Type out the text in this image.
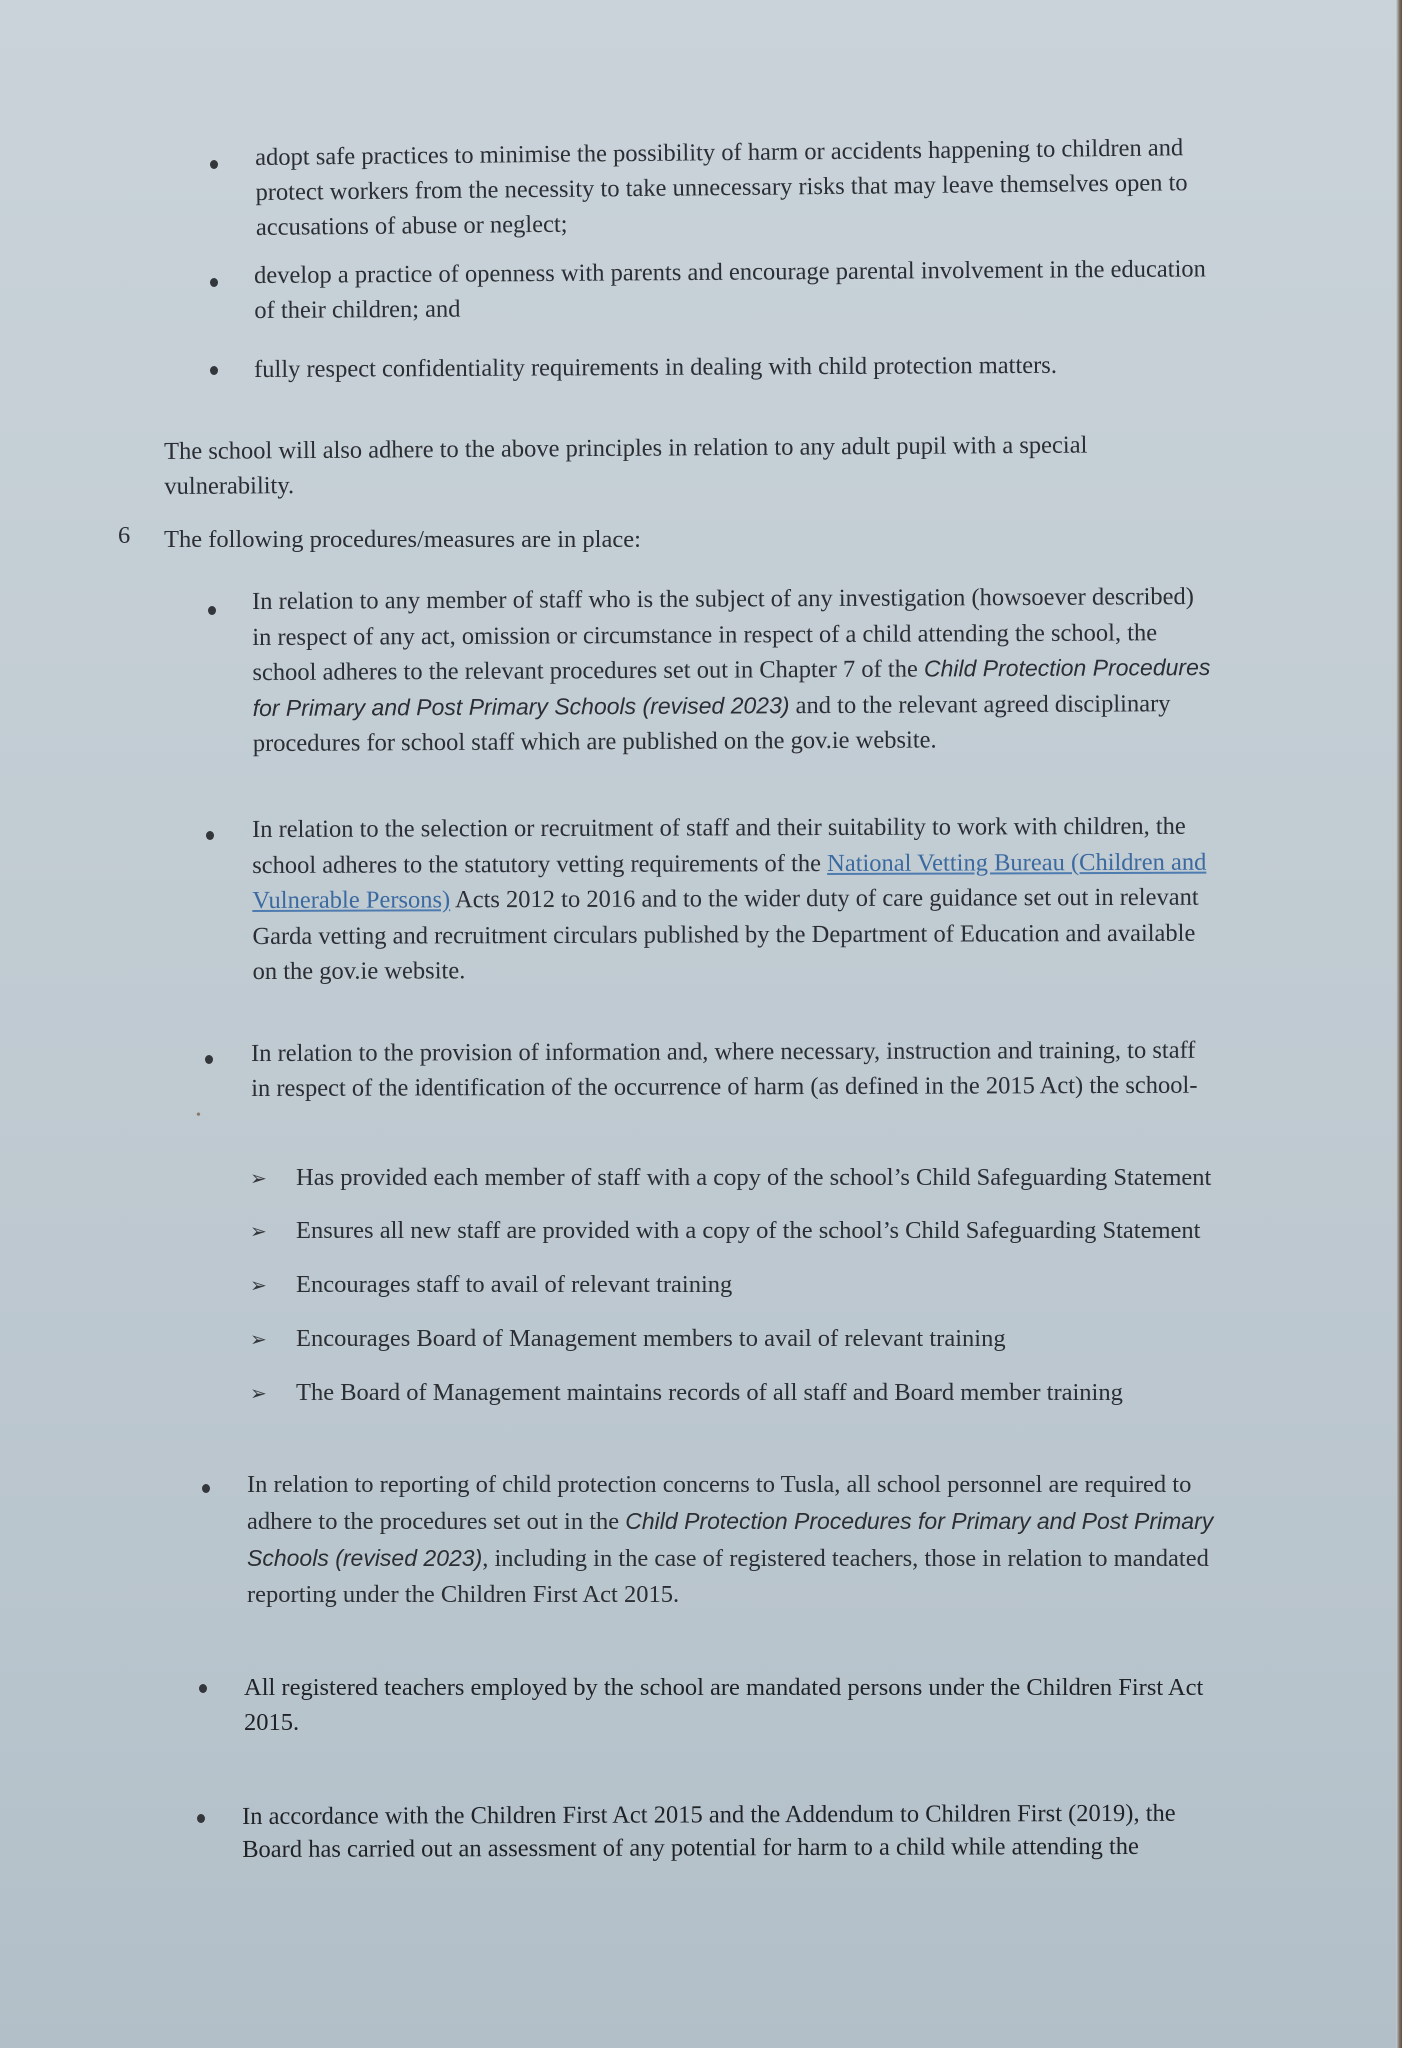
adopt safe practices to minimise the possibility of harm or accidents happening to children and
protect workers from the necessity to take unnecessary risks that may leave themselves open to
accusations of abuse or neglect;
develop a practice of openness with parents and encourage parental involvement in the education
of their children; and
fully respect confidentiality requirements in dealing with child protection matters.
The school will also adhere to the above principles in relation to any adult pupil with a special
vulnerability.
6 The following procedures/measures are in place:
In relation to any member of staff who is the subject of any investigation (howsoever described)
in respect of any act, omission or circumstance in respect of a child attending the school, the
school adheres to the relevant procedures set out in Chapter 7 of the Child Protection Procedures
for Primary and Post Primary Schools (revised 2023) and to the relevant agreed disciplinary
procedures for school staff which are published on the gov.ie website.
In relation to the selection or recruitment of staff and their suitability to work with children, the
school adheres to the statutory vetting requirements of the National Vetting Bureau (Children and
Vulnerable Persons) Acts 2012 to 2016 and to the wider duty of care guidance set out in relevant
Garda vetting and recruitment circulars published by the Department of Education and available
on the gov.ie website.
In relation to the provision of information and, where necessary, instruction and training, to staff
in respect of the identification of the occurrence of harm (as defined in the 2015 Act) the school-
•
➢ Has provided each member of staff with a copy of the school’s Child Safeguarding Statement
➢ Ensures all new staff are provided with a copy of the school’s Child Safeguarding Statement
➢ Encourages staff to avail of relevant training
➢ Encourages Board of Management members to avail of relevant training
➢ The Board of Management maintains records of all staff and Board member training
In relation to reporting of child protection concerns to Tusla, all school personnel are required to
adhere to the procedures set out in the Child Protection Procedures for Primary and Post Primary
Schools (revised 2023), including in the case of registered teachers, those in relation to mandated
reporting under the Children First Act 2015.
All registered teachers employed by the school are mandated persons under the Children First Act
2015.
In accordance with the Children First Act 2015 and the Addendum to Children First (2019), the
Board has carried out an assessment of any potential for harm to a child while attending the
